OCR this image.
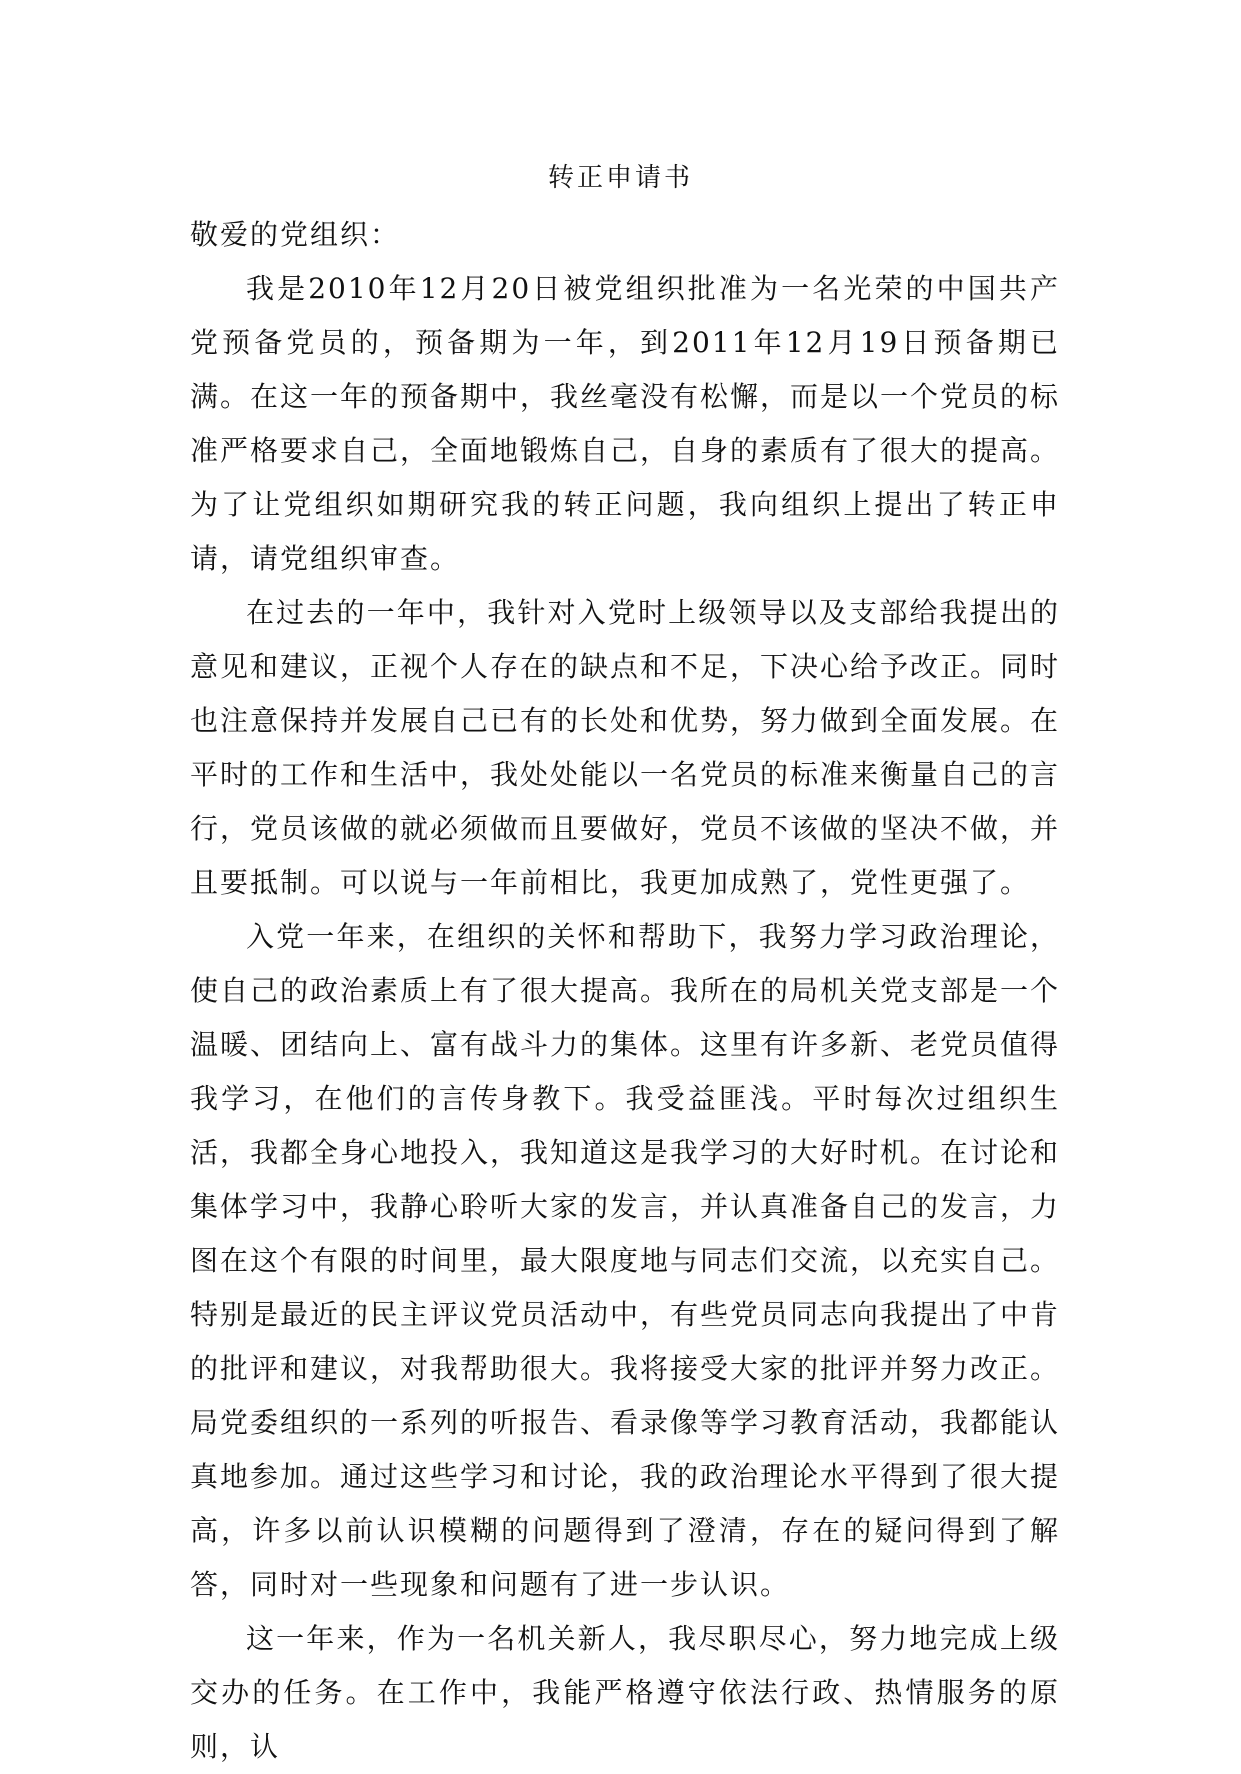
转正申请书

敬爱的党组织：

我是2010年12月20日被党组织批准为一名光荣的中国共产党预备党员的，预备期为一年，到2011年12月19日预备期已满。在这一年的预备期中，我丝毫没有松懈，而是以一个党员的标准严格要求自己，全面地锻炼自己，自身的素质有了很大的提高。为了让党组织如期研究我的转正问题，我向组织上提出了转正申请，请党组织审查。

在过去的一年中，我针对入党时上级领导以及支部给我提出的意见和建议，正视个人存在的缺点和不足，下决心给予改正。同时也注意保持并发展自己已有的长处和优势，努力做到全面发展。在平时的工作和生活中，我处处能以一名党员的标准来衡量自己的言行，党员该做的就必须做而且要做好，党员不该做的坚决不做，并且要抵制。可以说与一年前相比，我更加成熟了，党性更强了。

入党一年来，在组织的关怀和帮助下，我努力学习政治理论，使自己的政治素质上有了很大提高。我所在的局机关党支部是一个温暖、团结向上、富有战斗力的集体。这里有许多新、老党员值得我学习，在他们的言传身教下。我受益匪浅。平时每次过组织生活，我都全身心地投入，我知道这是我学习的大好时机。在讨论和集体学习中，我静心聆听大家的发言，并认真准备自己的发言，力图在这个有限的时间里，最大限度地与同志们交流，以充实自己。特别是最近的民主评议党员活动中，有些党员同志向我提出了中肯的批评和建议，对我帮助很大。我将接受大家的批评并努力改正。局党委组织的一系列的听报告、看录像等学习教育活动，我都能认真地参加。通过这些学习和讨论，我的政治理论水平得到了很大提高，许多以前认识模糊的问题得到了澄清，存在的疑问得到了解答，同时对一些现象和问题有了进一步认识。

这一年来，作为一名机关新人，我尽职尽心，努力地完成上级交办的任务。在工作中，我能严格遵守依法行政、热情服务的原则，认
